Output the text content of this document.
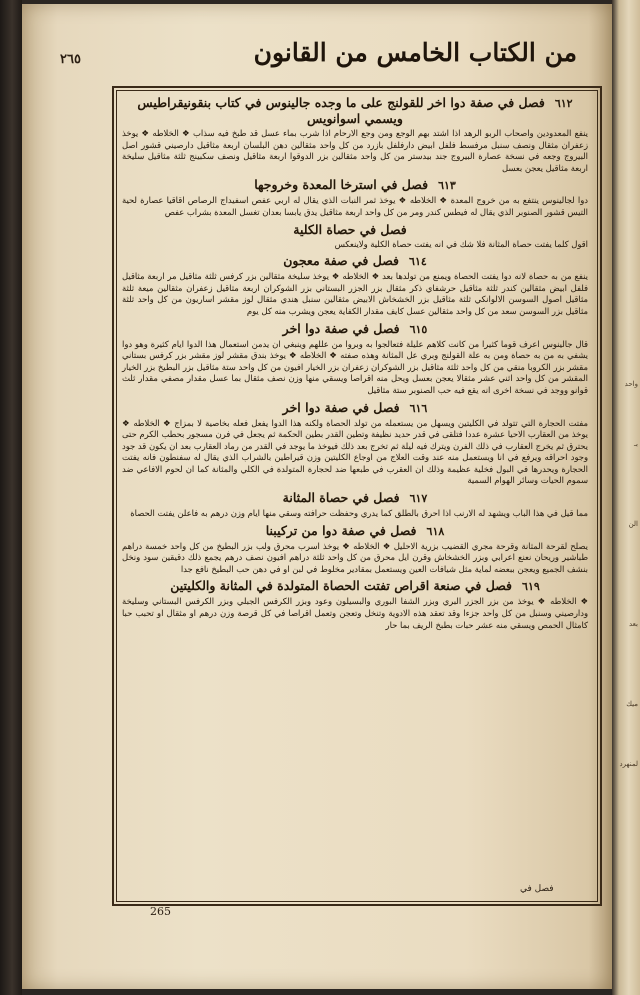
واحد
بـ
الن
بعد
ميك
لمنهرد
٢٦٥	من الكتاب الخامس من القانون
٦١٢فصل في صفة دوا اخر للقولنج على ما وجده جالينوس في كتاب بنقونيقراطيس ويسمي اسوانويس

ينفع المعدودين واصحاب الربو الرهد اذا اشتد بهم الوجع ومن وجع الارحام اذا شرب بماء عسل قد طبخ فيه سذاب ❖ الخلاطه ❖ يوخذ زعفران مثقال ونصف سنبل مرفسط فلفل ابيض دارفلفل بازرد من كل واحد مثقالين دهن البلسان اربعة مثاقيل دارصيني قشور اصل البيروج وجعه في نسخة عصارة البيروج جند بيدستر من كل واحد مثقالين بزر الدوقوا اربعة مثاقيل ونصف سكبينج ثلثة مثاقيل سليخة اربعة مثاقيل يعجن بعسل

٦١٣فصل في استرخا المعدة وخروجها

دوا لجالينوس ينتفع به من خروج المعدة ❖ الخلاطه ❖ يوخذ ثمر النبات الذي يقال له اربي عفص اسفيداج الرصاص اقاقيا عصارة لحية التيس قشور الصنوبر الذي يقال له فيطس كندر ومر من كل واحد اربعة مثاقيل يدق يابسا بعدان تغسل المعدة بشراب عفص

فصل في حصاة الكلية

اقول كلما يفتت حصاة المثانة فلا شك في انه يفتت حصاة الكلية ولاينعكس

٦١٤فصل في صفة معجون

ينفع من به حصاة لانه دوا يفتت الحصاة ويمنع من تولدها بعد ❖ الخلاطه ❖ يوخذ سليخة مثقالين بزر كرفس ثلثة مثاقيل مر اربعة مثاقيل فلفل ابيض مثقالين كندر ثلثة مثاقيل حرشفاي ذكر مثقال بزر الجزر البستاني بزر الشوكران اربعة مثاقيل زعفران مثقالين ميعة ثلثة مثاقيل اصول السوسن الالوانكي ثلثة مثاقيل بزر الخشخاش الابيض مثقالين سنبل هندي مثقال لوز مقشر اساريون من كل واحد ثلثة مثاقيل بزر السوسن سعد من كل واحد مثقالين عسل كايف مقدار الكفاية يعجن ويشرب منه كل يوم

٦١٥فصل في صفة دوا اخر

قال جالينوس اعرف قوما كثيرا من كانت كلاهم عليلة فتعالجوا به وبروا من عللهم وينبغي ان يدمن استعمال هذا الدوا ايام كثيرة وهو دوا يشفي به من به حصاة ومن به علة القولنج وبري عل المثانة وهذه صفته ❖ الخلاطه ❖ يوخذ بندق مقشر لوز مقشر بزر كرفس بستاني مقشر بزر الكروبا منقي من كل واحد ثلثة مثاقيل بزر الشوكران زعفران بزر الخيار افيون من كل واحد ستة مثاقيل بزر البطيخ بزر الخيار المقشر من كل واحد اثني عشر مثقالا يعجن بعسل ويحل منه اقراصا ويسقي منها وزن نصف مثقال بما عسل مقدار مصفي مقدار ثلث قوانو ووجد في نسخة اخرى انه يقع فيه حب الصنوبر ستة مثاقيل

٦١٦فصل في صفة دوا اخر

مفتت الحجارة التي تتولد في الكليتين ويسهل من يستعمله من تولد الحصاة ولكنه هذا الدوا يفعل فعله بخاصية لا بمزاج ❖ الخلاطه ❖ يوخذ من العقارب الاحيا عشرة عددا فتلقى في قدر حديد نظيفة وتطين القدر بطين الحكمة ثم يجعل في فرن مسجور بحطب الكرم حتى يحترق ثم يخرج العقارب في ذلك الفرن ويترك فيه ليلة ثم تخرج بعد ذلك فيوخذ ما يوجد في القدر من رماد العقارب بعد ان يكون قد جود وجود احراقه ويرفع في انا ويستعمل منه عند وقت العلاج من اوجاع الكليتين وزن قيراطين بالشراب الذي يقال له سفنطون فانه يفتت الحجارة ويحدرها في البول فخلية عظيمة وذلك ان العقرب في طبعها ضد لحجارة المتولدة في الكلي والمثانة كما ان لحوم الافاعي ضد سموم الحيات وسائر الهوام السمية

٦١٧فصل في حصاة المثانة

مما قيل في هذا الباب ويشهد له الارنب اذا احرق بالطلق كما يدري وحفظت حرافته وسقي منها ايام وزن درهم به فاعلن يفتت الحصاة

٦١٨فصل في صفة دوا من تركيبنا

يصلح لقرحة المثانة وقرحة مجري القضيب بزرية الاحليل ❖ الخلاطه ❖ يوخذ اسرب محرق ولب بزر البطيخ من كل واحد خمسة دراهم طباشير وريحان نعنع اعرابي وبزر الخشخاش وقرن ايل محرق من كل واحد ثلثة دراهم افيون نصف درهم يجمع ذلك دقيقين سود ونخل بنشف الجميع ويعجن ببعضه لماية مثل شيافات العين ويستعمل بمقادير مخلوط في لبن او في دهن حب البطيخ نافع جدا

٦١٩فصل في صنعة اقراص تفتت الحصاة المتولدة في المثانة والكليتين

❖ الخلاطه ❖ يوخذ من بزر الجزر البري وبزر الشفا البوري والبسيلون وعود وبزر الكرفس الجبلي وبزر الكرفس البستاني وسليخة ودارصيني وسنبل من كل واحد جزءا وقد تعقد هذه الادوية وتنخل وتعجن وتعمل اقراصا في كل قرصة وزن درهم او مثقال او تحبب حبا كامثال الحمص ويسقي منه عشر حبات بطبخ الريف بما حار

فصل في
265
